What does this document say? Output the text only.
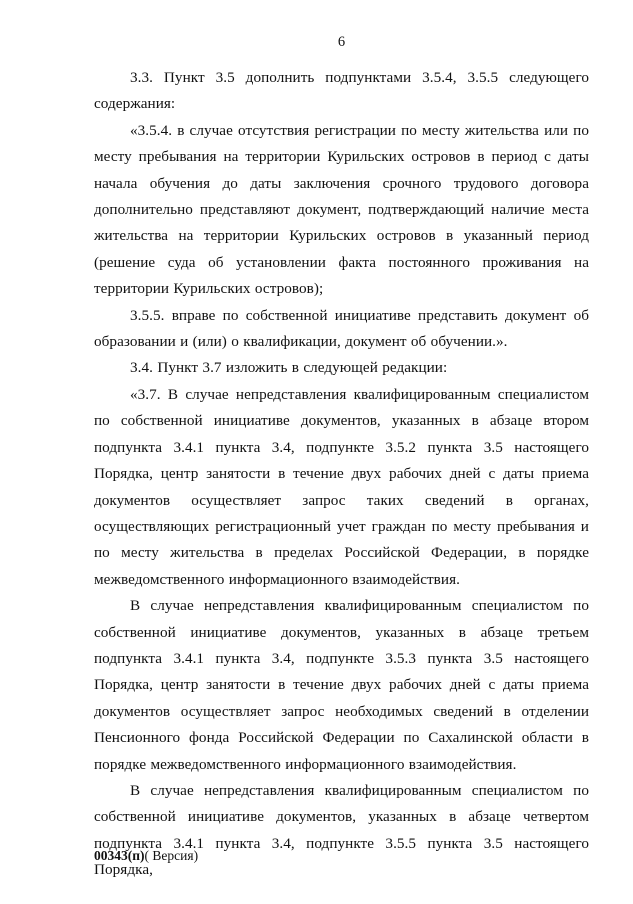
6

3.3. Пункт 3.5 дополнить подпунктами 3.5.4, 3.5.5 следующего содержания:

«3.5.4. в случае отсутствия регистрации по месту жительства или по месту пребывания на территории Курильских островов в период с даты начала обучения до даты заключения срочного трудового договора дополнительно представляют документ, подтверждающий наличие места жительства на территории Курильских островов в указанный период (решение суда об установлении факта постоянного проживания на территории Курильских островов);

3.5.5. вправе по собственной инициативе представить документ об образовании и (или) о квалификации, документ об обучении.».

3.4. Пункт 3.7 изложить в следующей редакции:

«3.7. В случае непредставления квалифицированным специалистом по собственной инициативе документов, указанных в абзаце втором подпункта 3.4.1 пункта 3.4, подпункте 3.5.2 пункта 3.5 настоящего Порядка, центр занятости в течение двух рабочих дней с даты приема документов осуществляет запрос таких сведений в органах, осуществляющих регистрационный учет граждан по месту пребывания и по месту жительства в пределах Российской Федерации, в порядке межведомственного информационного взаимодействия.

В случае непредставления квалифицированным специалистом по собственной инициативе документов, указанных в абзаце третьем подпункта 3.4.1 пункта 3.4, подпункте 3.5.3 пункта 3.5 настоящего Порядка, центр занятости в течение двух рабочих дней с даты приема документов осуществляет запрос необходимых сведений в отделении Пенсионного фонда Российской Федерации по Сахалинской области в порядке межведомственного информационного взаимодействия.

В случае непредставления квалифицированным специалистом по собственной инициативе документов, указанных в абзаце четвертом подпункта 3.4.1 пункта 3.4, подпункте 3.5.5 пункта 3.5 настоящего Порядка,

00343(п)( Версия)
